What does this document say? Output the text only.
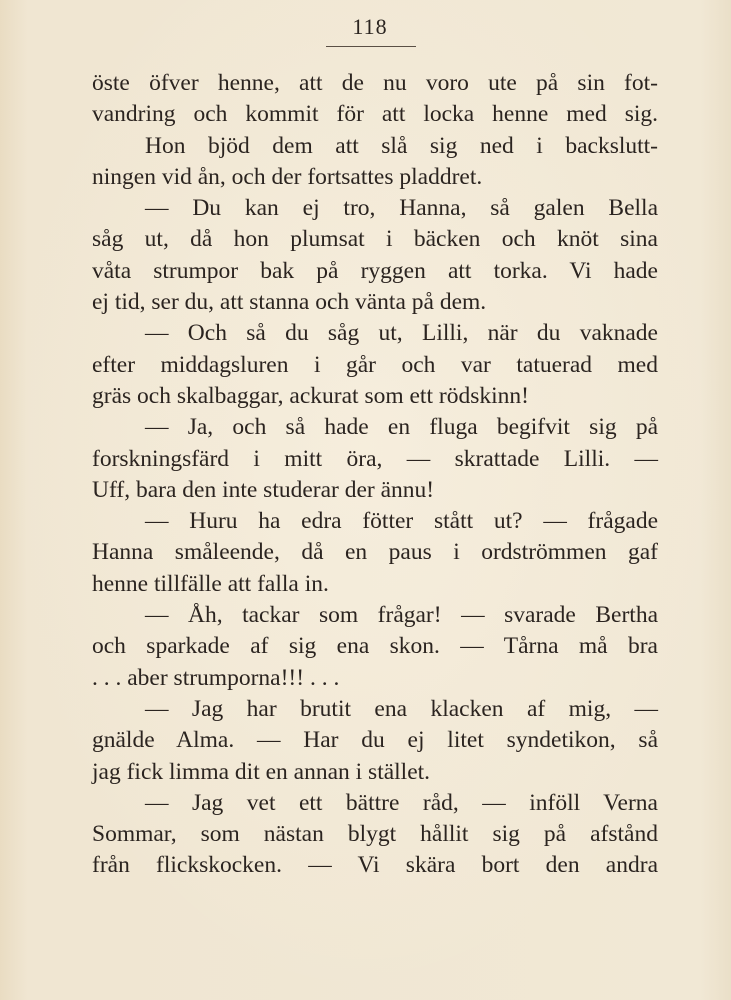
118
öste öfver henne, att de nu voro ute på sin fot-
vandring och kommit för att locka henne med sig.
Hon bjöd dem att slå sig ned i backslutt-
ningen vid ån, och der fortsattes pladdret.
— Du kan ej tro, Hanna, så galen Bella
såg ut, då hon plumsat i bäcken och knöt sina
våta strumpor bak på ryggen att torka. Vi hade
ej tid, ser du, att stanna och vänta på dem.
— Och så du såg ut, Lilli, när du vaknade
efter middagsluren i går och var tatuerad med
gräs och skalbaggar, ackurat som ett rödskinn!
— Ja, och så hade en fluga begifvit sig på
forskningsfärd i mitt öra, — skrattade Lilli. —
Uff, bara den inte studerar der ännu!
— Huru ha edra fötter stått ut? — frågade
Hanna småleende, då en paus i ordströmmen gaf
henne tillfälle att falla in.
— Åh, tackar som frågar! — svarade Bertha
och sparkade af sig ena skon. — Tårna må bra
. . . aber strumporna!!! . . .
— Jag har brutit ena klacken af mig, —
gnälde Alma. — Har du ej litet syndetikon, så
jag fick limma dit en annan i stället.
— Jag vet ett bättre råd, — inföll Verna
Sommar, som nästan blygt hållit sig på afstånd
från flickskocken. — Vi skära bort den andra
